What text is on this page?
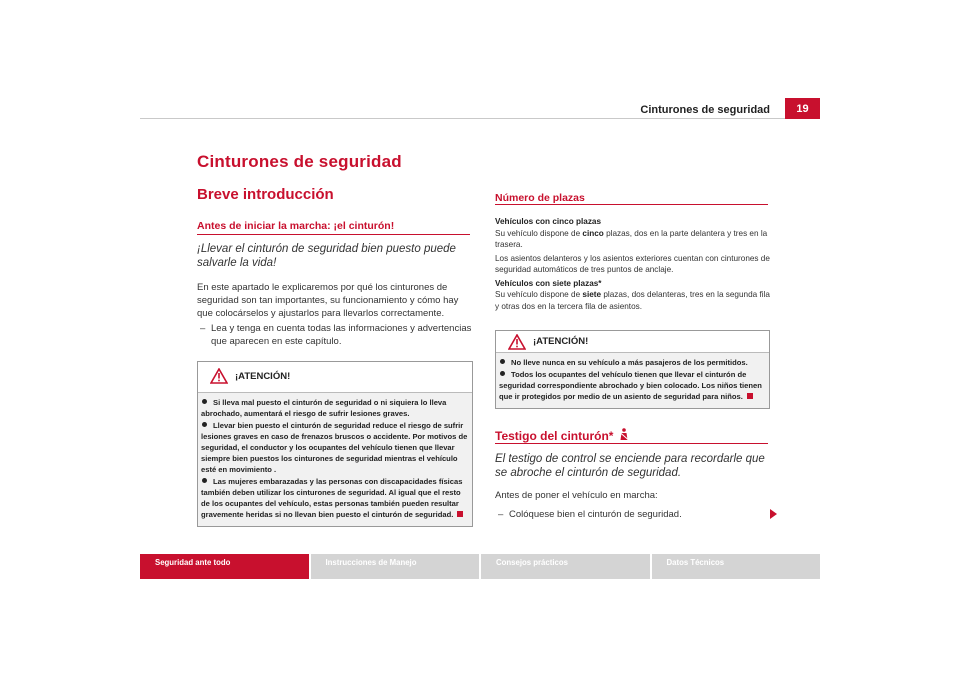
Cinturones de seguridad	19
Cinturones de seguridad
Breve introducción
Antes de iniciar la marcha: ¡el cinturón!
¡Llevar el cinturón de seguridad bien puesto puede salvarle la vida!
En este apartado le explicaremos por qué los cinturones de seguridad son tan importantes, su funcionamiento y cómo hay que colocárselos y ajustarlos para llevarlos correctamente.
– Lea y tenga en cuenta todas las informaciones y advertencias que aparecen en este capítulo.
¡ATENCIÓN!
Si lleva mal puesto el cinturón de seguridad o ni siquiera lo lleva abrochado, aumentará el riesgo de sufrir lesiones graves.
Llevar bien puesto el cinturón de seguridad reduce el riesgo de sufrir lesiones graves en caso de frenazos bruscos o accidente. Por motivos de seguridad, el conductor y los ocupantes del vehículo tienen que llevar siempre bien puestos los cinturones de seguridad mientras el vehículo esté en movimiento .
Las mujeres embarazadas y las personas con discapacidades físicas también deben utilizar los cinturones de seguridad. Al igual que el resto de los ocupantes del vehículo, estas personas también pueden resultar gravemente heridas si no llevan bien puesto el cinturón de seguridad.
Número de plazas
Vehículos con cinco plazas
Su vehículo dispone de cinco plazas, dos en la parte delantera y tres en la trasera.
Los asientos delanteros y los asientos exteriores cuentan con cinturones de seguridad automáticos de tres puntos de anclaje.
Vehículos con siete plazas*
Su vehículo dispone de siete plazas, dos delanteras, tres en la segunda fila y otras dos en la tercera fila de asientos.
¡ATENCIÓN!
No lleve nunca en su vehículo a más pasajeros de los permitidos.
Todos los ocupantes del vehículo tienen que llevar el cinturón de seguridad correspondiente abrochado y bien colocado. Los niños tienen que ir protegidos por medio de un asiento de seguridad para niños.
Testigo del cinturón*
El testigo de control se enciende para recordarle que se abroche el cinturón de seguridad.
Antes de poner el vehículo en marcha:
– Colóquese bien el cinturón de seguridad.
Seguridad ante todo	Instrucciones de Manejo	Consejos prácticos	Datos Técnicos
